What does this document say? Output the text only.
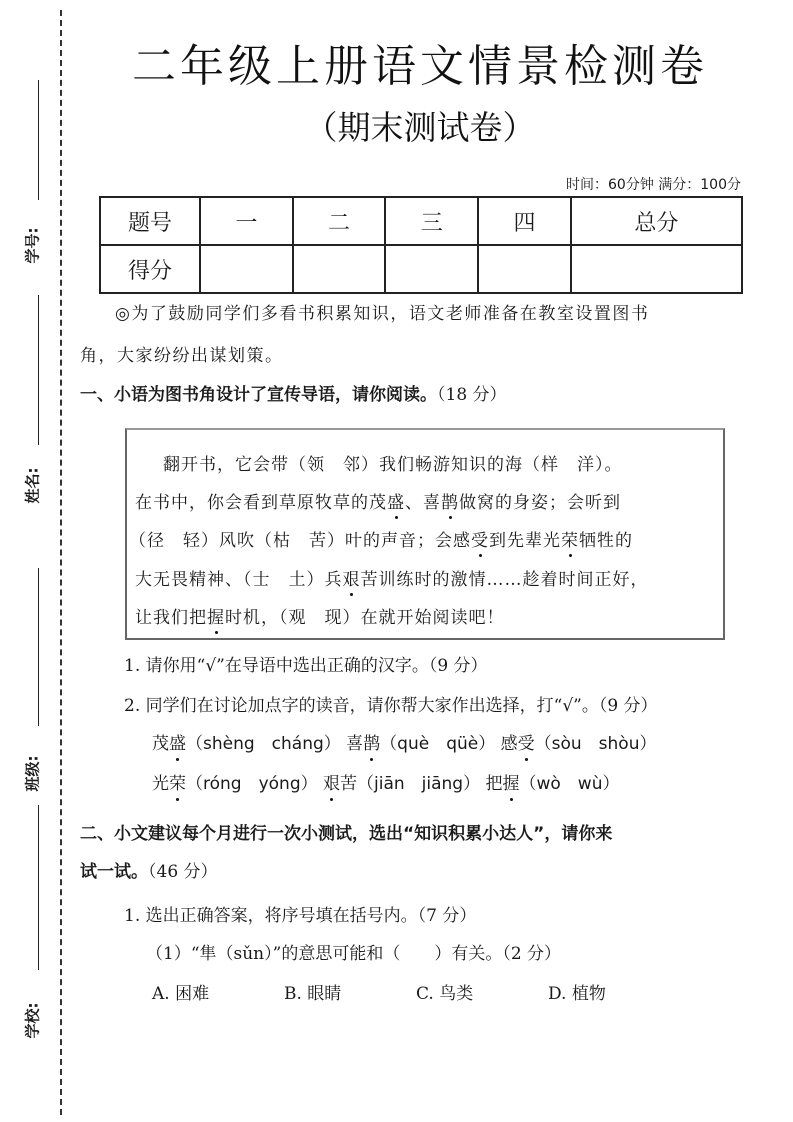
学号:
姓名:
班级:
学校:
二年级上册语文情景检测卷
（期末测试卷）
时间：60分钟 满分：100分
题号	一	二	三	四	总分
得分					
◎为了鼓励同学们多看书积累知识，语文老师准备在教室设置图书
角，大家纷纷出谋划策。
一、小语为图书角设计了宣传导语，请你阅读。（18 分）
翻开书，它会带（领　邻）我们畅游知识的海（样　洋）。
在书中，你会看到草原牧草的茂盛、喜鹊做窝的身姿；会听到
（径　轻）风吹（枯　苦）叶的声音；会感受到先辈光荣牺牲的
大无畏精神、（士　土）兵艰苦训练时的激情……趁着时间正好，
让我们把握时机，（观　现）在就开始阅读吧！
1. 请你用“√”在导语中选出正确的汉字。（9 分）
2. 同学们在讨论加点字的读音，请你帮大家作出选择，打“√”。（9 分）
茂盛（shèng　cháng） 喜鹊（què　qüè） 感受（sòu　shòu）
光荣（róng　yóng） 艰苦（jiān　jiāng） 把握（wò　wù）
二、小文建议每个月进行一次小测试，选出“知识积累小达人”，请你来
试一试。（46 分）
1. 选出正确答案，将序号填在括号内。（7 分）
（1）“隼（sǔn）”的意思可能和（　　）有关。（2 分）
A. 困难	B. 眼睛	C. 鸟类	D. 植物
